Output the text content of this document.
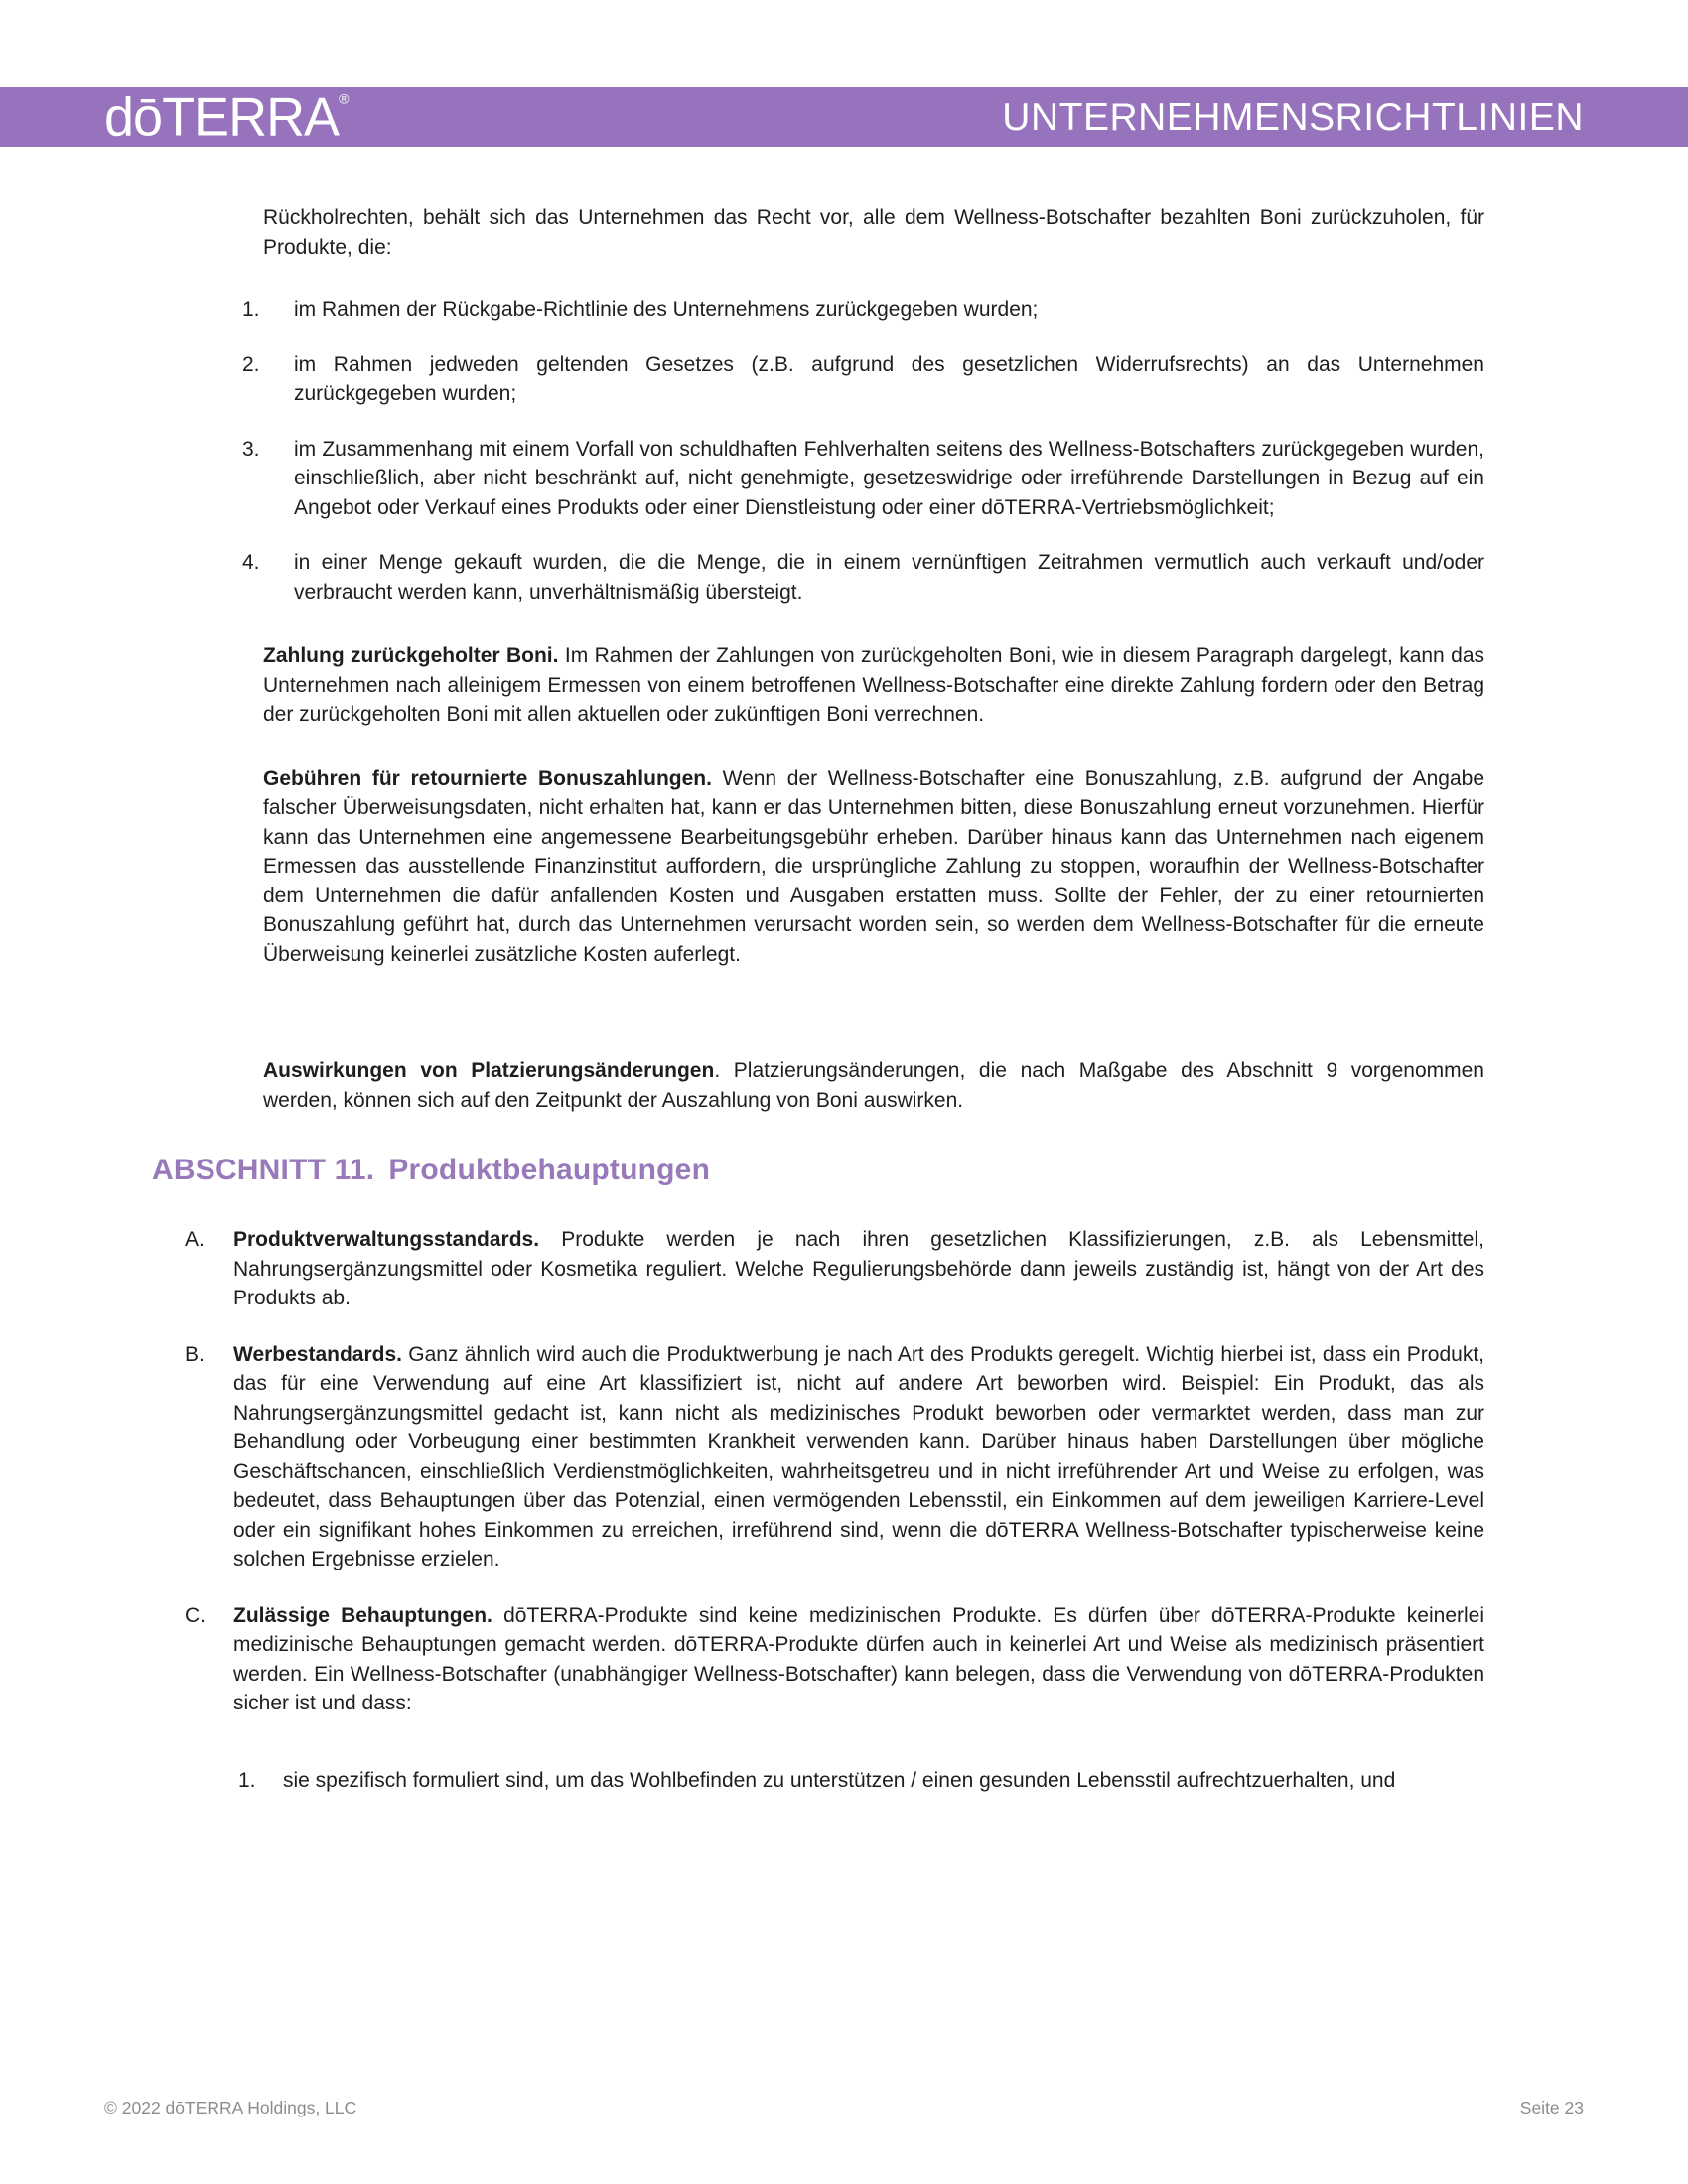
dōTERRA ®	UNTERNEHMENSRICHTLINIEN

Rückholrechten, behält sich das Unternehmen das Recht vor, alle dem Wellness-Botschafter bezahlten Boni zurückzuholen, für Produkte, die:

1.	im Rahmen der Rückgabe-Richtlinie des Unternehmens zurückgegeben wurden;
2.	im Rahmen jedweden geltenden Gesetzes (z.B. aufgrund des gesetzlichen Widerrufsrechts) an das Unternehmen zurückgegeben wurden;
3.	im Zusammenhang mit einem Vorfall von schuldhaften Fehlverhalten seitens des Wellness-Botschafters zurückgegeben wurden, einschließlich, aber nicht beschränkt auf, nicht genehmigte, gesetzeswidrige oder irreführende Darstellungen in Bezug auf ein Angebot oder Verkauf eines Produkts oder einer Dienstleistung oder einer dōTERRA-Vertriebsmöglichkeit;
4.	in einer Menge gekauft wurden, die die Menge, die in einem vernünftigen Zeitrahmen vermutlich auch verkauft und/oder verbraucht werden kann, unverhältnismäßig übersteigt.

Zahlung zurückgeholter Boni. Im Rahmen der Zahlungen von zurückgeholten Boni, wie in diesem Paragraph dargelegt, kann das Unternehmen nach alleinigem Ermessen von einem betroffenen Wellness-Botschafter eine direkte Zahlung fordern oder den Betrag der zurückgeholten Boni mit allen aktuellen oder zukünftigen Boni verrechnen.

Gebühren für retournierte Bonuszahlungen. Wenn der Wellness-Botschafter eine Bonuszahlung, z.B. aufgrund der Angabe falscher Überweisungsdaten, nicht erhalten hat, kann er das Unternehmen bitten, diese Bonuszahlung erneut vorzunehmen. Hierfür kann das Unternehmen eine angemessene Bearbeitungsgebühr erheben. Darüber hinaus kann das Unternehmen nach eigenem Ermessen das ausstellende Finanzinstitut auffordern, die ursprüngliche Zahlung zu stoppen, woraufhin der Wellness-Botschafter dem Unternehmen die dafür anfallenden Kosten und Ausgaben erstatten muss. Sollte der Fehler, der zu einer retournierten Bonuszahlung geführt hat, durch das Unternehmen verursacht worden sein, so werden dem Wellness-Botschafter für die erneute Überweisung keinerlei zusätzliche Kosten auferlegt.

Auswirkungen von Platzierungsänderungen. Platzierungsänderungen, die nach Maßgabe des Abschnitt 9 vorgenommen werden, können sich auf den Zeitpunkt der Auszahlung von Boni auswirken.

ABSCHNITT 11. Produktbehauptungen
A.	Produktverwaltungsstandards. Produkte werden je nach ihren gesetzlichen Klassifizierungen, z.B. als Lebensmittel, Nahrungsergänzungsmittel oder Kosmetika reguliert. Welche Regulierungsbehörde dann jeweils zuständig ist, hängt von der Art des Produkts ab.
B.	Werbestandards. Ganz ähnlich wird auch die Produktwerbung je nach Art des Produkts geregelt. Wichtig hierbei ist, dass ein Produkt, das für eine Verwendung auf eine Art klassifiziert ist, nicht auf andere Art beworben wird. Beispiel: Ein Produkt, das als Nahrungsergänzungsmittel gedacht ist, kann nicht als medizinisches Produkt beworben oder vermarktet werden, dass man zur Behandlung oder Vorbeugung einer bestimmten Krankheit verwenden kann. Darüber hinaus haben Darstellungen über mögliche Geschäftschancen, einschließlich Verdienstmöglichkeiten, wahrheitsgetreu und in nicht irreführender Art und Weise zu erfolgen, was bedeutet, dass Behauptungen über das Potenzial, einen vermögenden Lebensstil, ein Einkommen auf dem jeweiligen Karriere-Level oder ein signifikant hohes Einkommen zu erreichen, irreführend sind, wenn die dōTERRA Wellness-Botschafter typischerweise keine solchen Ergebnisse erzielen.
C.	Zulässige Behauptungen. dōTERRA-Produkte sind keine medizinischen Produkte. Es dürfen über dōTERRA-Produkte keinerlei medizinische Behauptungen gemacht werden. dōTERRA-Produkte dürfen auch in keinerlei Art und Weise als medizinisch präsentiert werden. Ein Wellness-Botschafter (unabhängiger Wellness-Botschafter) kann belegen, dass die Verwendung von dōTERRA-Produkten sicher ist und dass:
1.	sie spezifisch formuliert sind, um das Wohlbefinden zu unterstützen / einen gesunden Lebensstil aufrechtzuerhalten, und
© 2022 dōTERRA Holdings, LLC	Seite 23
